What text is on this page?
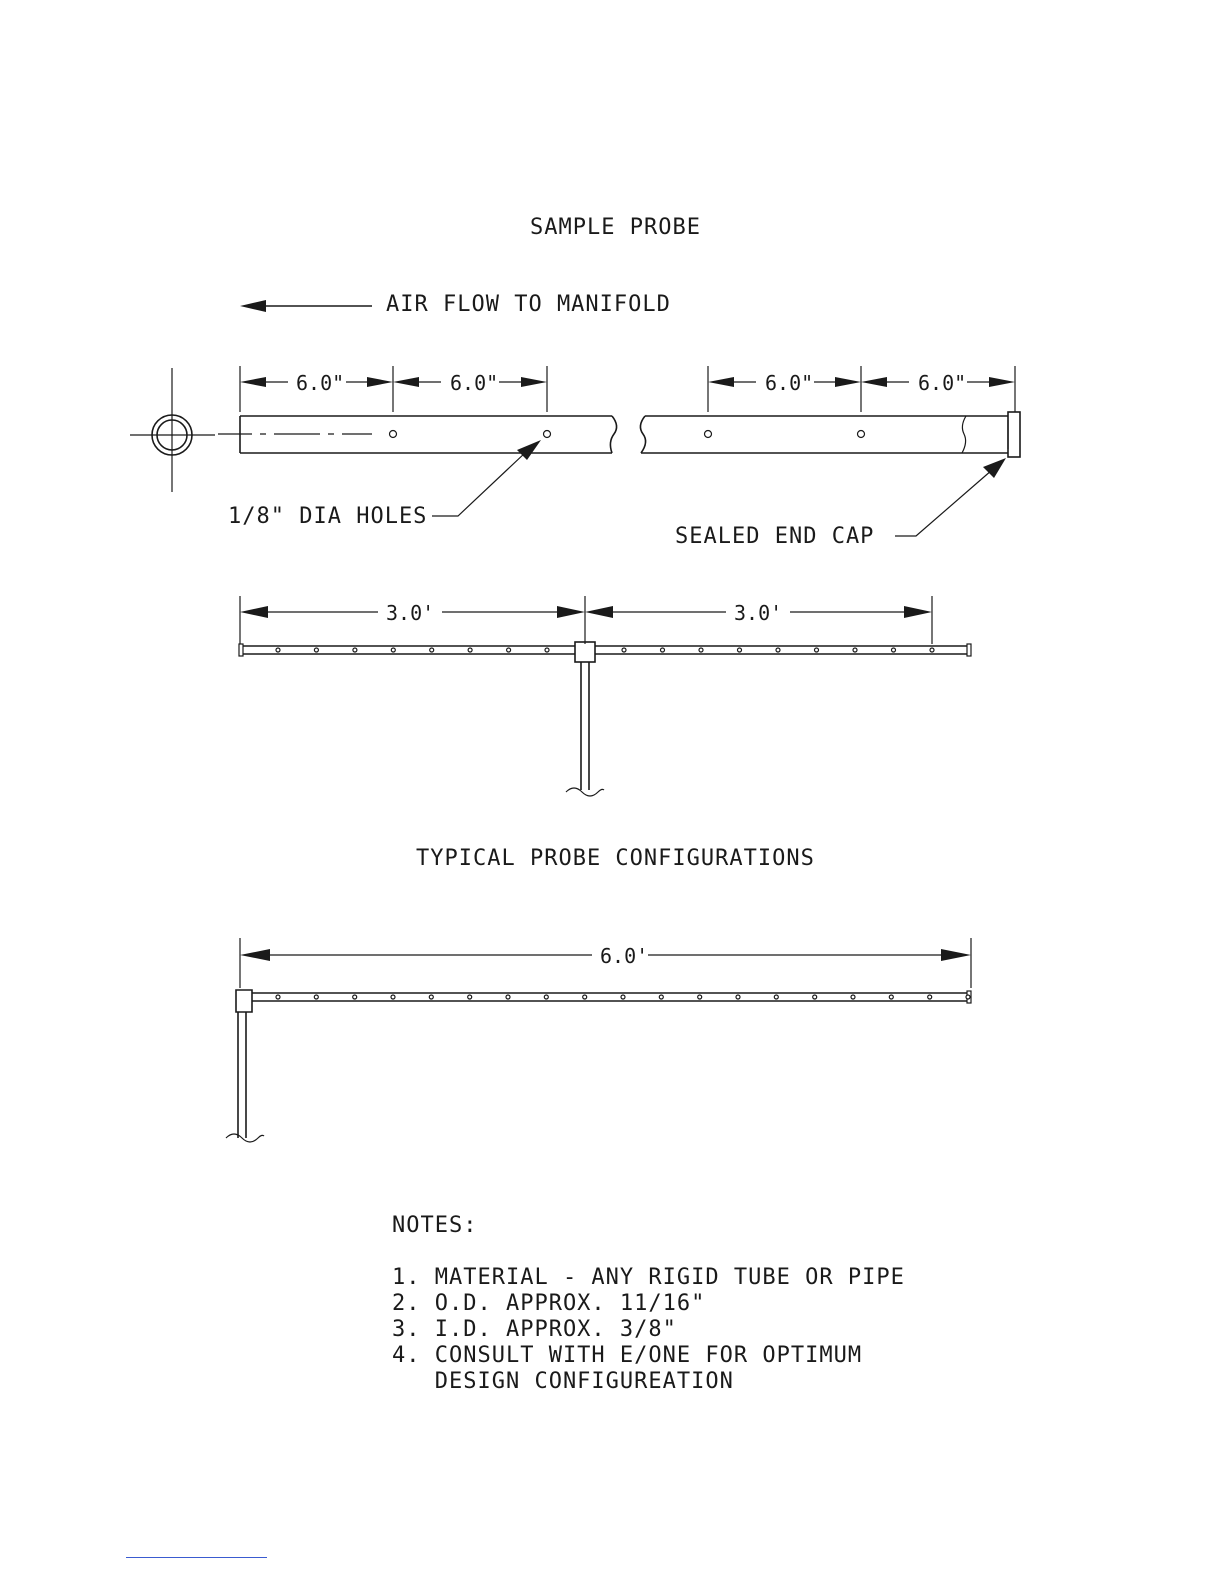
SAMPLE PROBE
AIR FLOW TO MANIFOLD
6.0"	6.0"	6.0"	6.0"
1/8" DIA HOLES
SEALED END CAP
3.0'	3.0'
TYPICAL PROBE CONFIGURATIONS
6.0'
NOTES:
1. MATERIAL - ANY RIGID TUBE OR PIPE
2. O.D. APPROX. 11/16"
3. I.D. APPROX. 3/8"
4. CONSULT WITH E/ONE FOR OPTIMUM
DESIGN CONFIGUREATION
